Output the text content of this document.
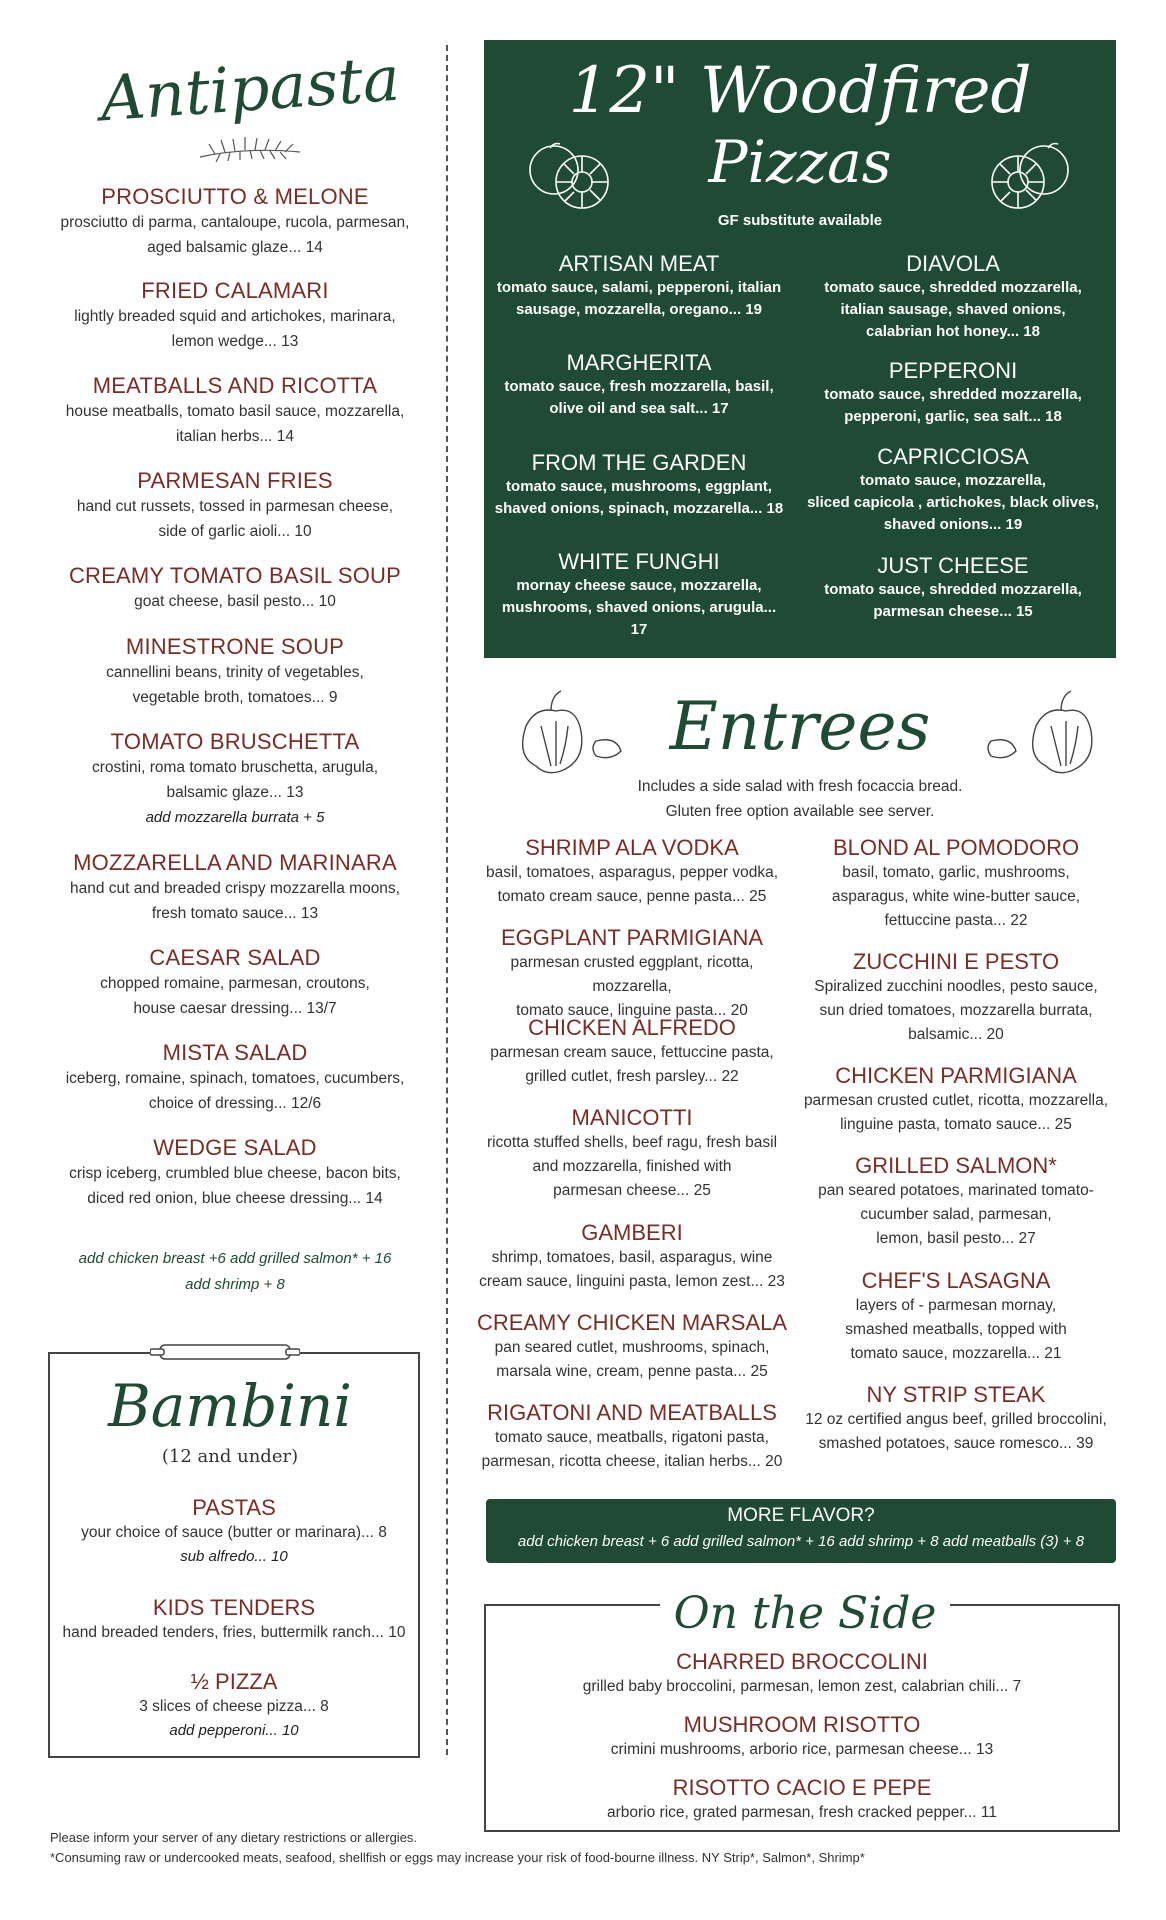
Antipasta
PROSCIUTTO & MELONE
prosciutto di parma, cantaloupe, rucola, parmesan,
aged balsamic glaze... 14
FRIED CALAMARI
lightly breaded squid and artichokes, marinara,
lemon wedge... 13
MEATBALLS AND RICOTTA
house meatballs, tomato basil sauce, mozzarella,
italian herbs... 14
PARMESAN FRIES
hand cut russets, tossed in parmesan cheese,
side of garlic aioli... 10
CREAMY TOMATO BASIL SOUP
goat cheese, basil pesto... 10
MINESTRONE SOUP
cannellini beans, trinity of vegetables,
vegetable broth, tomatoes... 9
TOMATO BRUSCHETTA
crostini, roma tomato bruschetta, arugula,
balsamic glaze... 13
add mozzarella burrata + 5
MOZZARELLA AND MARINARA
hand cut and breaded crispy mozzarella moons,
fresh tomato sauce... 13
CAESAR SALAD
chopped romaine, parmesan, croutons,
house caesar dressing... 13/7
MISTA SALAD
iceberg, romaine, spinach, tomatoes, cucumbers,
choice of dressing... 12/6
WEDGE SALAD
crisp iceberg, crumbled blue cheese, bacon bits,
diced red onion, blue cheese dressing... 14
add chicken breast +6 add grilled salmon* + 16
add shrimp + 8
Bambini
(12 and under)
PASTAS
your choice of sauce (butter or marinara)... 8
sub alfredo... 10
KIDS TENDERS
hand breaded tenders, fries, buttermilk ranch... 10
½ PIZZA
3 slices of cheese pizza... 8
add pepperoni... 10
12" Woodfired
Pizzas
GF substitute available
ARTISAN MEAT
tomato sauce, salami, pepperoni, italian
sausage, mozzarella, oregano... 19
MARGHERITA
tomato sauce, fresh mozzarella, basil,
olive oil and sea salt... 17
FROM THE GARDEN
tomato sauce, mushrooms, eggplant,
shaved onions, spinach, mozzarella... 18
WHITE FUNGHI
mornay cheese sauce, mozzarella,
mushrooms, shaved onions, arugula... 17
DIAVOLA
tomato sauce, shredded mozzarella,
italian sausage, shaved onions,
calabrian hot honey... 18
PEPPERONI
tomato sauce, shredded mozzarella,
pepperoni, garlic, sea salt... 18
CAPRICCIOSA
tomato sauce, mozzarella,
sliced capicola , artichokes, black olives,
shaved onions... 19
JUST CHEESE
tomato sauce, shredded mozzarella,
parmesan cheese... 15
Entrees
Includes a side salad with fresh focaccia bread.
Gluten free option available see server.
SHRIMP ALA VODKA
basil, tomatoes, asparagus, pepper vodka,
tomato cream sauce, penne pasta... 25
EGGPLANT PARMIGIANA
parmesan crusted eggplant, ricotta, mozzarella,
tomato sauce, linguine pasta... 20
CHICKEN ALFREDO
parmesan cream sauce, fettuccine pasta,
grilled cutlet, fresh parsley... 22
MANICOTTI
ricotta stuffed shells, beef ragu, fresh basil
and mozzarella, finished with
parmesan cheese... 25
GAMBERI
shrimp, tomatoes, basil, asparagus, wine
cream sauce, linguini pasta, lemon zest... 23
CREAMY CHICKEN MARSALA
pan seared cutlet, mushrooms, spinach,
marsala wine, cream, penne pasta... 25
RIGATONI AND MEATBALLS
tomato sauce, meatballs, rigatoni pasta,
parmesan, ricotta cheese, italian herbs... 20
BLOND AL POMODORO
basil, tomato, garlic, mushrooms,
asparagus, white wine-butter sauce,
fettuccine pasta... 22
ZUCCHINI E PESTO
Spiralized zucchini noodles, pesto sauce,
sun dried tomatoes, mozzarella burrata,
balsamic... 20
CHICKEN PARMIGIANA
parmesan crusted cutlet, ricotta, mozzarella,
linguine pasta, tomato sauce... 25
GRILLED SALMON*
pan seared potatoes, marinated tomato-
cucumber salad, parmesan,
lemon, basil pesto... 27
CHEF'S LASAGNA
layers of - parmesan mornay,
smashed meatballs, topped with
tomato sauce, mozzarella... 21
NY STRIP STEAK
12 oz certified angus beef, grilled broccolini,
smashed potatoes, sauce romesco... 39
MORE FLAVOR?
add chicken breast + 6 add grilled salmon* + 16 add shrimp + 8 add meatballs (3) + 8
On the Side
CHARRED BROCCOLINI
grilled baby broccolini, parmesan, lemon zest, calabrian chili... 7
MUSHROOM RISOTTO
crimini mushrooms, arborio rice, parmesan cheese... 13
RISOTTO CACIO E PEPE
arborio rice, grated parmesan, fresh cracked pepper... 11
Please inform your server of any dietary restrictions or allergies.
*Consuming raw or undercooked meats, seafood, shellfish or eggs may increase your risk of food-bourne illness. NY Strip*, Salmon*, Shrimp*
